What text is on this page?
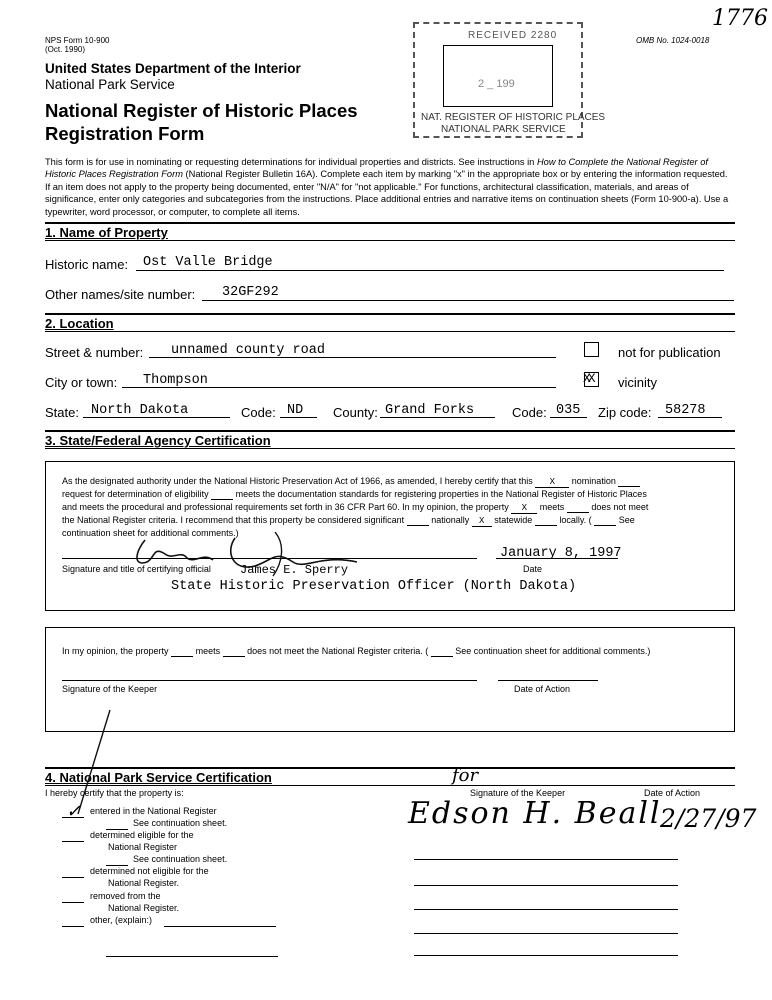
NPS Form 10-900
(Oct. 1990)
OMB No. 1024-0018
1776
United States Department of the Interior
National Park Service
National Register of Historic Places
Registration Form
RECEIVED 2280
2 _ 199
NAT. REGISTER OF HISTORIC PLACES
NATIONAL PARK SERVICE
This form is for use in nominating or requesting determinations for individual properties and districts. See instructions in How to Complete the National Register of Historic Places Registration Form (National Register Bulletin 16A). Complete each item by marking "x" in the appropriate box or by entering the information requested. If an item does not apply to the property being documented, enter "N/A" for "not applicable." For functions, architectural classification, materials, and areas of significance, enter only categories and subcategories from the instructions. Place additional entries and narrative items on continuation sheets (Form 10-900-a). Use a typewriter, word processor, or computer, to complete all items.
1. Name of Property
Historic name: Ost Valle Bridge
Other names/site number: 32GF292
2. Location
Street & number: unnamed county road	not for publication
City or town: Thompson	XX vicinity
State: North Dakota	Code: ND County: Grand Forks	Code: 035 Zip code: 58278
3. State/Federal Agency Certification
As the designated authority under the National Historic Preservation Act of 1966, as amended, I hereby certify that this X nomination
request for determination of eligibility	meets the documentation standards for registering properties in the National Register of Historic Places
and meets the procedural and professional requirements set forth in 36 CFR Part 60. In my opinion, the property X meets	does not meet
the National Register criteria. I recommend that this property be considered significant	nationally X statewide	locally. (	See
continuation sheet for additional comments.)
January 8, 1997
Signature and title of certifying official James E. Sperry	Date
State Historic Preservation Officer (North Dakota)
In my opinion, the property	meets	does not meet the National Register criteria. (	See continuation sheet for additional comments.)
Signature of the Keeper	Date of Action
4. National Park Service Certification
I hereby certify that the property is:
✓ entered in the National Register
See continuation sheet.
determined eligible for the
National Register
See continuation sheet.
determined not eligible for the
National Register.
removed from the
National Register.
other, (explain:)
Signature of the Keeper	Date of Action
for
Edson H. Beall
2/27/97
